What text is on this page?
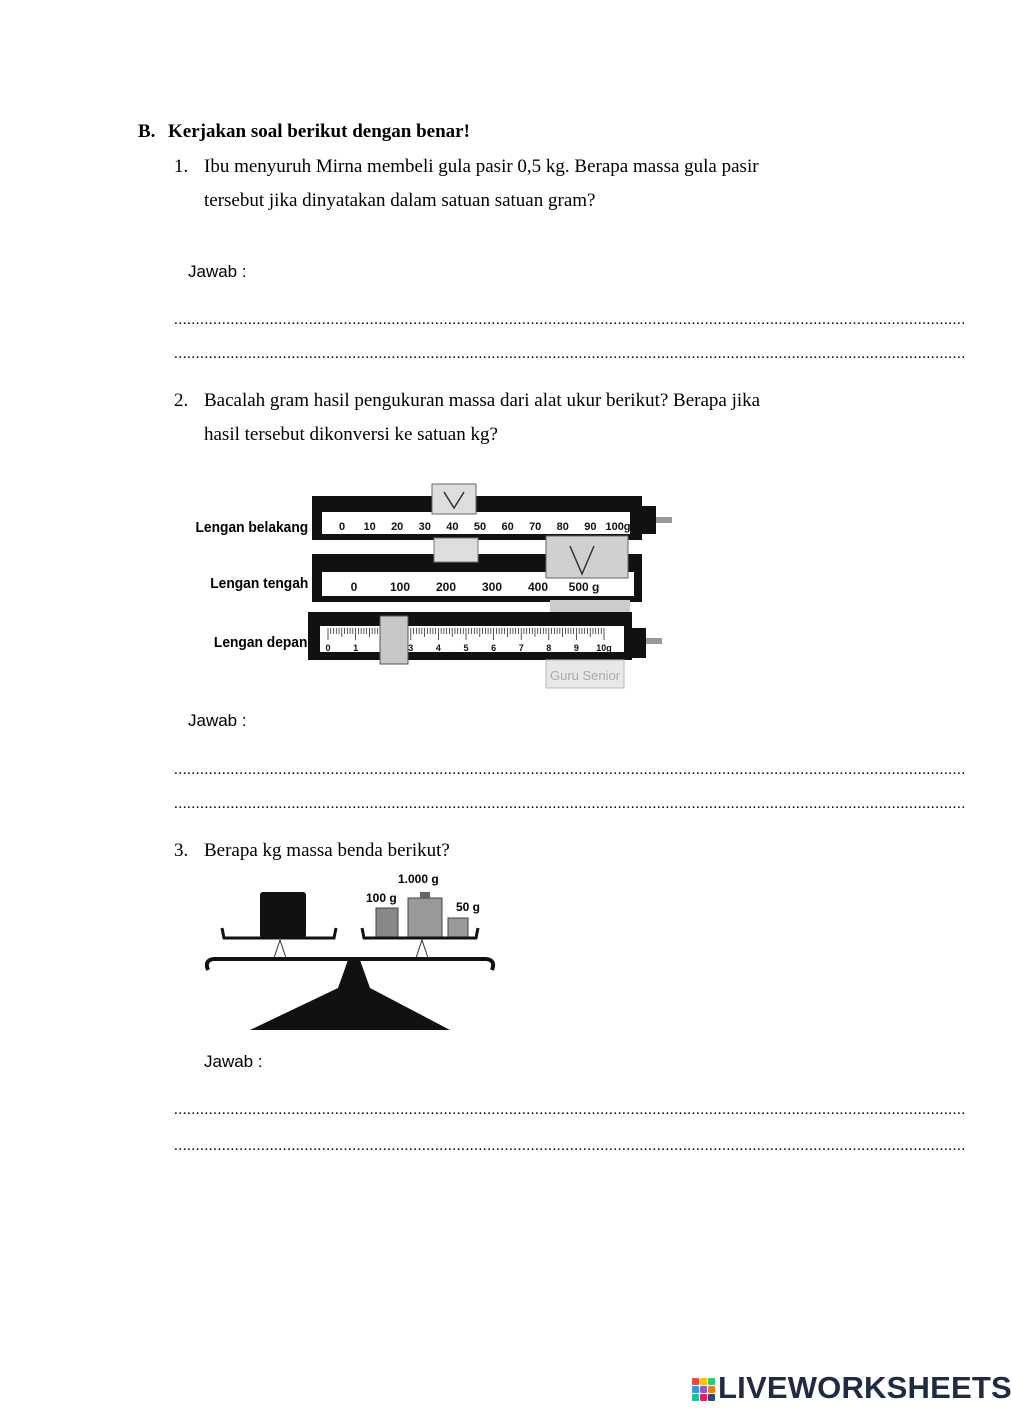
B. Kerjakan soal berikut dengan benar!
1. Ibu menyuruh Mirna membeli gula pasir 0,5 kg. Berapa massa gula pasir
tersebut jika dinyatakan dalam satuan satuan gram?
Jawab :
......................................................................................................................................................................................
......................................................................................................................................................................................
2. Bacalah gram hasil pengukuran massa dari alat ukur berikut? Berapa jika
hasil tersebut dikonversi ke satuan kg?
Lengan belakang
Lengan tengah
Lengan depan
0 10 20 30 40 50 60 70 80 90 100g
0	100 200 300 400 500 g
0	1	3	4	5	6	7	8	9 10g
Guru Senior
Jawab :
......................................................................................................................................................................................
......................................................................................................................................................................................
3. Berapa kg massa benda berikut?
1.000 g
100 g
50 g
Jawab :
......................................................................................................................................................................................
......................................................................................................................................................................................
LIVEWORKSHEETS
